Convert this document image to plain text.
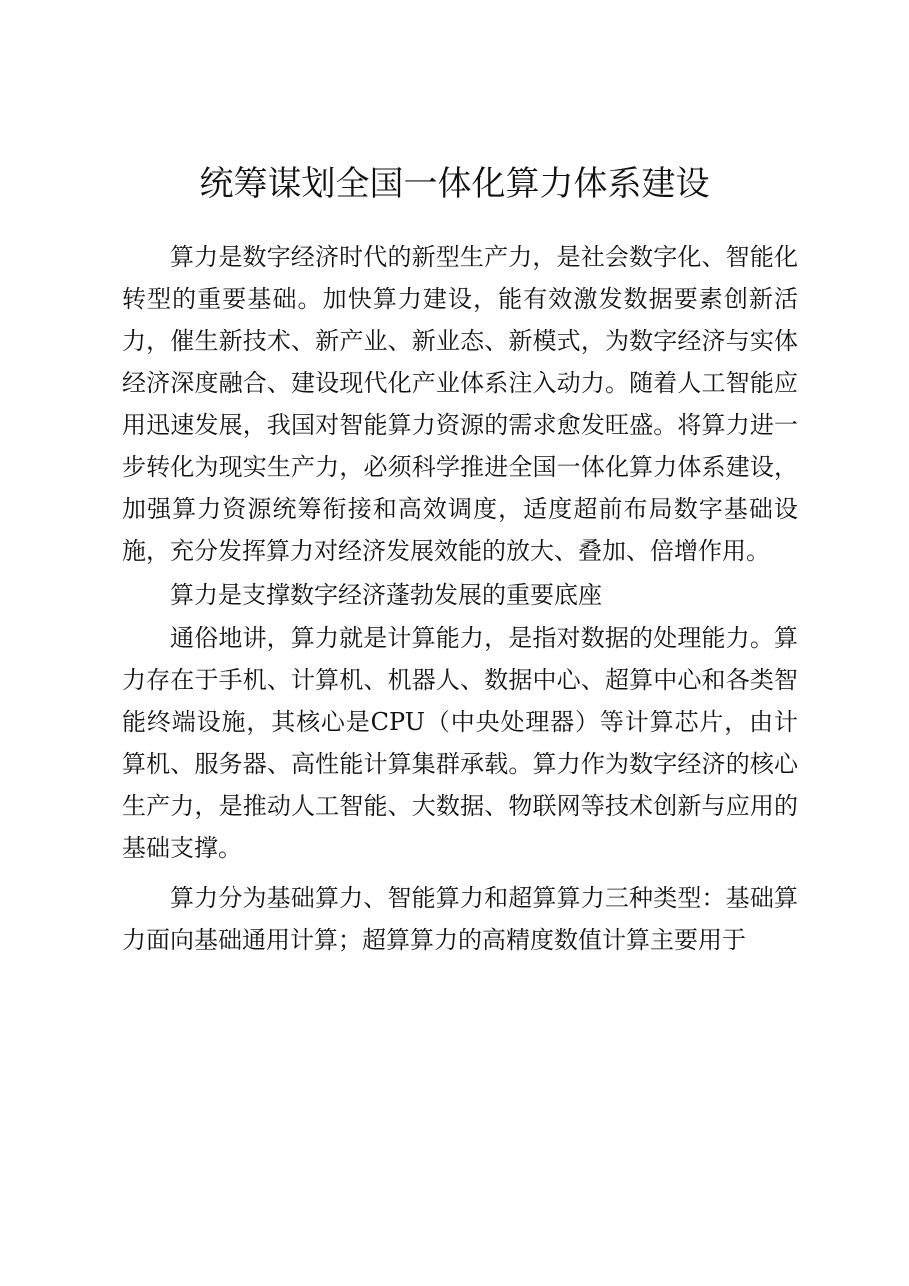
统筹谋划全国一体化算力体系建设

算力是数字经济时代的新型生产力，是社会数字化、智能化转型的重要基础。加快算力建设，能有效激发数据要素创新活力，催生新技术、新产业、新业态、新模式，为数字经济与实体经济深度融合、建设现代化产业体系注入动力。随着人工智能应用迅速发展，我国对智能算力资源的需求愈发旺盛。将算力进一步转化为现实生产力，必须科学推进全国一体化算力体系建设，加强算力资源统筹衔接和高效调度，适度超前布局数字基础设施，充分发挥算力对经济发展效能的放大、叠加、倍增作用。

算力是支撑数字经济蓬勃发展的重要底座

通俗地讲，算力就是计算能力，是指对数据的处理能力。算力存在于手机、计算机、机器人、数据中心、超算中心和各类智能终端设施，其核心是CPU（中央处理器）等计算芯片，由计算机、服务器、高性能计算集群承载。算力作为数字经济的核心生产力，是推动人工智能、大数据、物联网等技术创新与应用的基础支撑。

算力分为基础算力、智能算力和超算算力三种类型：基础算力面向基础通用计算；超算算力的高精度数值计算主要用于
